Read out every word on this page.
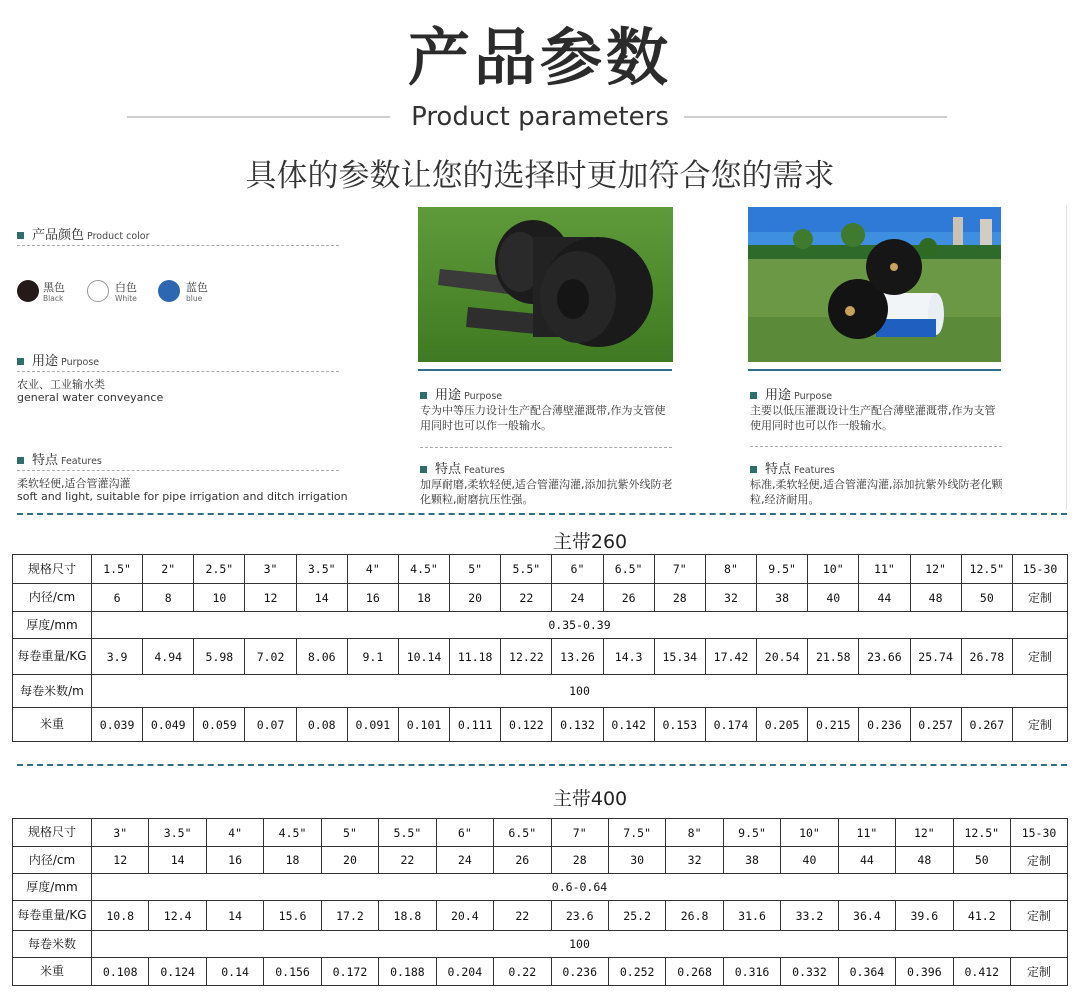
产品参数
Product parameters
具体的参数让您的选择时更加符合您的需求
产品颜色 Product color
黑色
Black
白色
White
蓝色
blue
用途 Purpose
农业、工业输水类
general water conveyance
特点 Features
柔软轻便,适合管灌沟灌
soft and light, suitable for pipe irrigation and ditch irrigation
用途 Purpose
专为中等压力设计生产配合薄壁灌溉带,作为支管使用同时也可以作一般输水。
特点 Features
加厚耐磨,柔软轻便,适合管灌沟灌,添加抗紫外线防老化颗粒,耐磨抗压性强。
用途 Purpose
主要以低压灌溉设计生产配合薄壁灌溉带,作为支管使用同时也可以作一般输水。
特点 Features
标准,柔软轻便,适合管灌沟灌,添加抗紫外线防老化颗粒,经济耐用。
主带260
规格尺寸	1.5"	2"	2.5"	3"	3.5"	4"	4.5"	5"	5.5"	6"	6.5"	7"	8"	9.5"	10"	11"	12"	12.5"	15-30
内径/cm	6	8	10	12	14	16	18	20	22	24	26	28	32	38	40	44	48	50	定制
厚度/mm	0.35-0.39																		
每卷重量/KG	3.9	4.94	5.98	7.02	8.06	9.1	10.14	11.18	12.22	13.26	14.3	15.34	17.42	20.54	21.58	23.66	25.74	26.78	定制
每卷米数/m	100																		
米重	0.039	0.049	0.059	0.07	0.08	0.091	0.101	0.111	0.122	0.132	0.142	0.153	0.174	0.205	0.215	0.236	0.257	0.267	定制
主带400
规格尺寸	3"	3.5"	4"	4.5"	5"	5.5"	6"	6.5"	7"	7.5"	8"	9.5"	10"	11"	12"	12.5"	15-30
内径/cm	12	14	16	18	20	22	24	26	28	30	32	38	40	44	48	50	定制
厚度/mm	0.6-0.64																
每卷重量/KG	10.8	12.4	14	15.6	17.2	18.8	20.4	22	23.6	25.2	26.8	31.6	33.2	36.4	39.6	41.2	定制
每卷米数	100																
米重	0.108	0.124	0.14	0.156	0.172	0.188	0.204	0.22	0.236	0.252	0.268	0.316	0.332	0.364	0.396	0.412	定制
